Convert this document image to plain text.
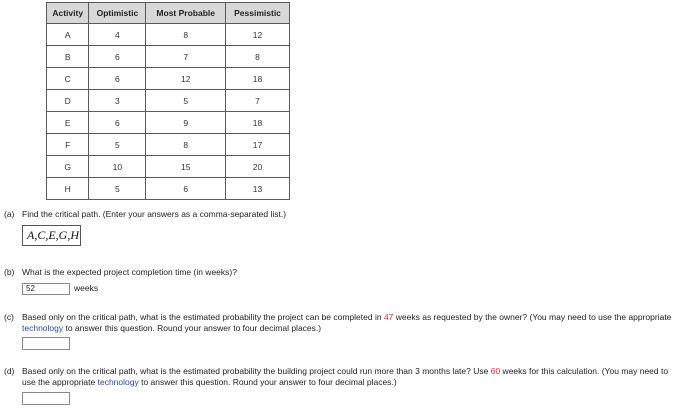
Activity	Optimistic	Most Probable	Pessimistic
A	4	8	12
B	6	7	8
C	6	12	18
D	3	5	7
E	6	9	18
F	5	8	17
G	10	15	20
H	5	6	13
(a) Find the critical path. (Enter your answers as a comma-separated list.)
A,C,E,G,H
(b) What is the expected project completion time (in weeks)?
52	weeks
(c) Based only on the critical path, what is the estimated probability the project can be completed in 47 weeks as requested by the owner? (You may need to use the appropriate technology to answer this question. Round your answer to four decimal places.)
(d) Based only on the critical path, what is the estimated probability the building project could run more than 3 months late? Use 60 weeks for this calculation. (You may need to use the appropriate technology to answer this question. Round your answer to four decimal places.)
